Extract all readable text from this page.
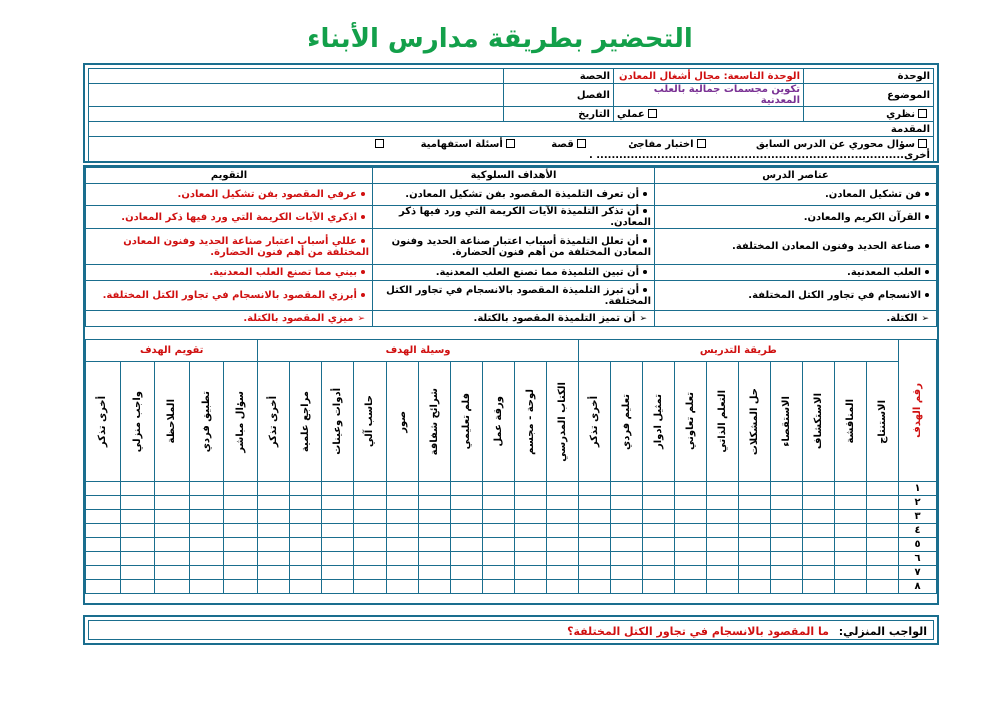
التحضير بطريقة مدارس الأبناء
الوحدة	الوحدة التاسعة: مجال أشغال المعادن	الحصة	
الموضوع	تكوين مجسمات جمالية بالعلب المعدنية	الفصل	
نظري	عملي	التاريخ	
المقدمة			
سؤال محوري عن الدرس السابق اختبار مفاجئ قصة أسئلة استفهامية أخرى................................................................................. .			
عناصر الدرس	الأهداف السلوكية	التقويم
فن تشكيل المعادن.	أن تعرف التلميذة المقصود بفن تشكيل المعادن.	عرفي المقصود بفن تشكيل المعادن.
القرآن الكريم والمعادن.	أن تذكر التلميذة الآيات الكريمة التي ورد فيها ذكر المعادن.	اذكري الآيات الكريمة التي ورد فيها ذكر المعادن.
صناعة الحديد وفنون المعادن المختلفة.	أن تعلل التلميذة أسباب اعتبار صناعة الحديد وفنون المعادن المختلفة من أهم فنون الحضارة.	عللي أسباب اعتبار صناعة الحديد وفنون المعادن المختلفة من أهم فنون الحضارة.
العلب المعدنية.	أن تبين التلميذة مما تصنع العلب المعدنية.	بيني مما تصنع العلب المعدنية.
الانسجام في تجاور الكتل المختلفة.	أن تبرز التلميذة المقصود بالانسجام في تجاور الكتل المختلفة.	أبرزي المقصود بالانسجام في تجاور الكتل المختلفة.
➢الكتلة.	➢أن تميز التلميذة المقصود بالكتلة.	➢ميزي المقصود بالكتلة.
رقم الهدف	طريقة التدريس										وسيلة الهدف										تقويم الهدف				

	الاستنتاج	المناقشة	الاستكشاف	الاستقصاء	حل المشكلات	التعلم الذاتي	تعلم تعاوني	تمثيل ادوار	تعليم فردي	أخرى تذكر	الكتاب المدرسي	لوحة - مجسم	ورقة عمل	فلم تعليمي	شرائح شفافة	صور	حاسب آلي	أدوات وعينات	مراجع علمية	أخرى تذكر	سؤال مباشر	تطبيق فردي	الملاحظة	واجب منزلي	أخرى تذكر

١																									
٢																									
٣																									
٤																									
٥																									
٦																									
٧																									
٨																									
الواجب المنزلي: ما المقصود بالانسجام في تجاور الكتل المختلفة؟
